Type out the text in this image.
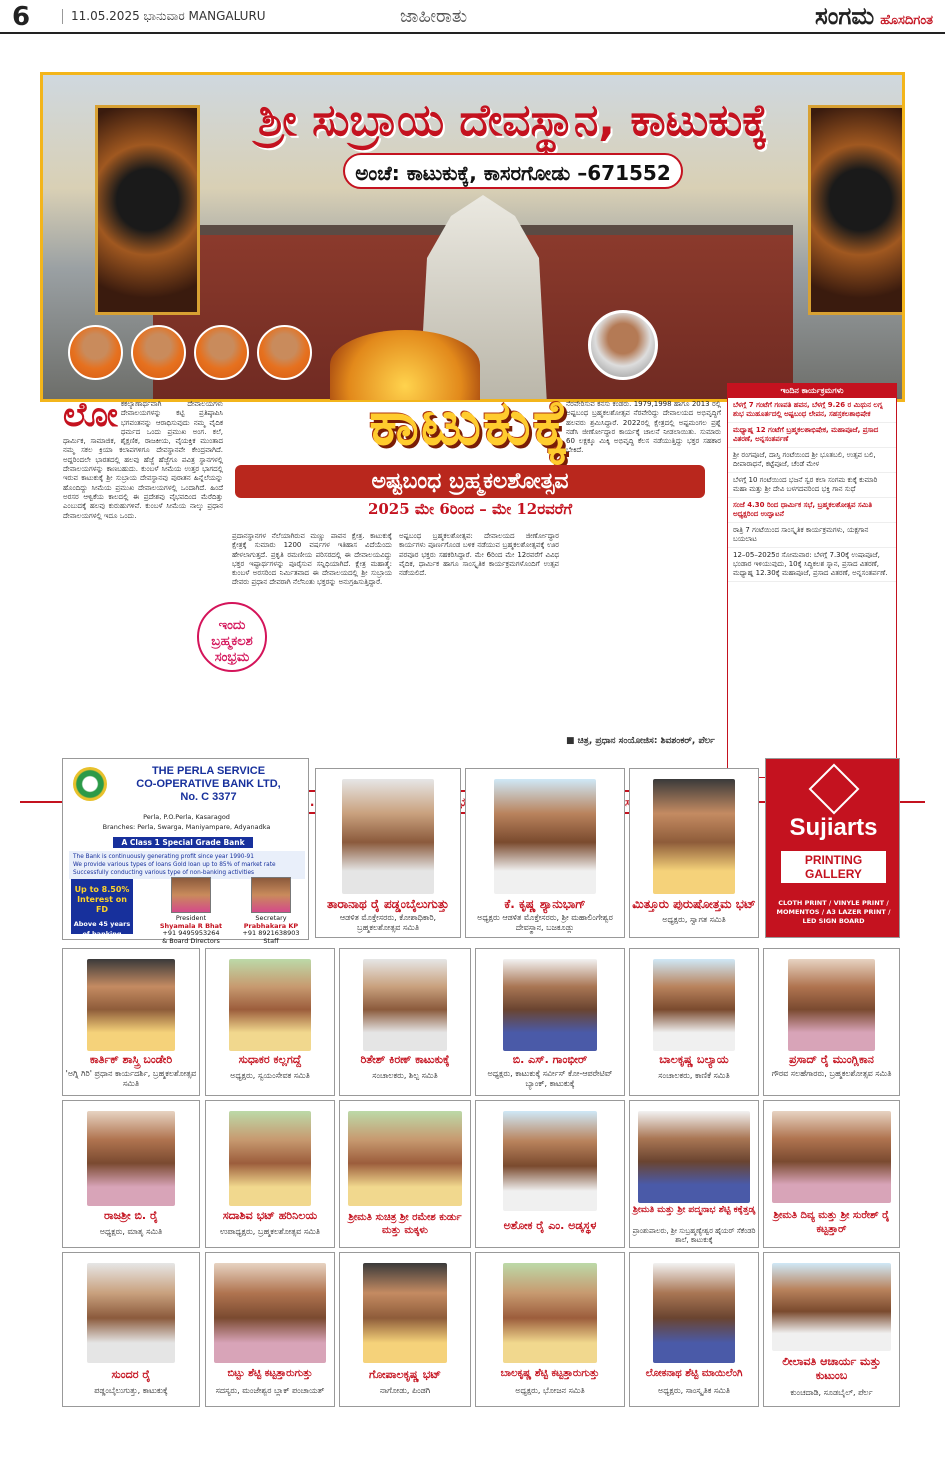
6	11.05.2025 ಭಾನುವಾರ MANGALURU	ಜಾಹೀರಾತು	ಸಂಗಮ ಹೊಸದಿಗಂತ
ಶ್ರೀ ಸುಬ್ರಾಯ ದೇವಸ್ಥಾನ, ಕಾಟುಕುಕ್ಕೆ
ಅಂಚೆ: ಕಾಟುಕುಕ್ಕೆ, ಕಾಸರಗೋಡು –671552
ಕಾಟುಕುಕ್ಕೆ
ಅಷ್ಟಬಂಧ ಬ್ರಹ್ಮಕಲಶೋತ್ಸವ
2025 ಮೇ 6ರಿಂದ – ಮೇ 12ರವರೆಗೆ
ಲೋಕಕಲ್ಯಾಣಾರ್ಥವಾಗಿ ದೇವಾಲಯಗಳು ದೇವಾಲಯಗಳನ್ನು ಕಟ್ಟಿ ಪ್ರತಿಷ್ಠಾಪಿಸಿ ಭಗವಂತನನ್ನು ಆರಾಧಿಸುವುದು ನಮ್ಮ ವೈದಿಕ ಧರ್ಮದ ಒಂದು ಪ್ರಮುಖ ಅಂಗ. ಕಲೆ, ಧಾರ್ಮಿಕ, ಸಾಮಾಜಿಕ, ಶೈಕ್ಷಣಿಕ, ರಾಜಕೀಯ, ವೈಯಕ್ತಿಕ ಮುಂತಾದ ನಮ್ಮ ಸಕಲ ಕ್ರಿಯಾ ಕಲಾಪಗಳಿಗೂ ದೇವಸ್ಥಾನವೇ ಕೇಂದ್ರವಾಗಿದೆ. ಅದ್ದರಿಂದಲೇ ಭಾರತದಲ್ಲಿ ಹಲವು ಹೆಜ್ಜೆ ಹೆಜ್ಜೆಗೂ ಪವಿತ್ರ ಸ್ಥಾನಗಳಲ್ಲಿ ದೇವಾಲಯಗಳನ್ನು ಕಾಣಬಹುದು. ಕುಂಬಳೆ ಸೀಮೆಯ ಉತ್ತರ ಭಾಗದಲ್ಲಿ ಇರುವ ಕಾಟುಕುಕ್ಕೆ ಶ್ರೀ ಸುಬ್ರಾಯ ದೇವಸ್ಥಾನವು ಪುರಾತನ ಹಿನ್ನೆಲೆಯನ್ನು ಹೊಂದಿದ್ದು ಸೀಮೆಯ ಪ್ರಮುಖ ದೇವಾಲಯಗಳಲ್ಲಿ ಒಂದಾಗಿದೆ. ಹಿಂದೆ ಅರಸರ ಆಳ್ವಿಕೆಯ ಕಾಲದಲ್ಲಿ ಈ ಪ್ರದೇಶವು ವೈಭವದಿಂದ ಮೆರೆದಿತ್ತು ಎಂಬುದಕ್ಕೆ ಹಲವು ಕುರುಹುಗಳಿವೆ. ಕುಂಬಳೆ ಸೀಮೆಯ ನಾಲ್ಕು ಪ್ರಧಾನ ದೇವಾಲಯಗಳಲ್ಲಿ ಇದೂ ಒಂದು.
ಪ್ರದಾನಸ್ಥಾನಗಳ ನೆಲೆಯಾಗಿರುವ ಮಣ್ಣು ಪಾವನ ಕ್ಷೇತ್ರ. ಕಾಟುಕುಕ್ಕೆ ಕ್ಷೇತ್ರಕ್ಕೆ ಸುಮಾರು 1200 ವರ್ಷಗಳ ಇತಿಹಾಸ ವಿದೆಯೆಂದು ಹೇಳಲಾಗುತ್ತದೆ. ಪ್ರಕೃತಿ ರಮಣೀಯ ಪರಿಸರದಲ್ಲಿ ಈ ದೇವಾಲಯವಿದ್ದು ಭಕ್ತರ ಇಷ್ಟಾರ್ಥಗಳನ್ನು ಪೂರೈಸುವ ಸನ್ನಿಧಿಯಾಗಿದೆ. ಕ್ಷೇತ್ರ ಮಹಾತ್ಮೆ: ಕುಂಬಳೆ ಅರಸರಿಂದ ನಿರ್ಮಿತವಾದ ಈ ದೇವಾಲಯದಲ್ಲಿ ಶ್ರೀ ಸುಬ್ರಾಯ ದೇವರು ಪ್ರಧಾನ ದೇವರಾಗಿ ನೆಲೆನಿಂತು ಭಕ್ತರನ್ನು ಅನುಗ್ರಹಿಸುತ್ತಿದ್ದಾರೆ.
ಅಷ್ಟಬಂಧ ಬ್ರಹ್ಮಕಲಶೋತ್ಸವ: ದೇವಾಲಯದ ಜೀರ್ಣೋದ್ಧಾರ ಕಾರ್ಯಗಳು ಪೂರ್ಣಗೊಂಡ ಬಳಿಕ ನಡೆಯುವ ಬ್ರಹ್ಮಕಲಶೋತ್ಸವಕ್ಕೆ ಊರ ಪರವೂರ ಭಕ್ತರು ಸಹಕರಿಸಿದ್ದಾರೆ. ಮೇ 6ರಿಂದ ಮೇ 12ರವರೆಗೆ ವಿವಿಧ ವೈದಿಕ, ಧಾರ್ಮಿಕ ಹಾಗೂ ಸಾಂಸ್ಕೃತಿಕ ಕಾರ್ಯಕ್ರಮಗಳೊಂದಿಗೆ ಉತ್ಸವ ನಡೆಯಲಿದೆ.
ನೆರವೇರಿಸುವ ಕನಸು ಕಂಡರು. 1979,1998 ಹಾಗೂ 2013 ರಲ್ಲಿ ಅಷ್ಟಬಂಧ ಬ್ರಹ್ಮಕಲಶೋತ್ಸವ ನೆರವೇರಿದ್ದು ದೇವಾಲಯದ ಅಭಿವೃದ್ಧಿಗೆ ಹಲವರು ಶ್ರಮಿಸಿದ್ದಾರೆ. 2022ರಲ್ಲಿ ಕ್ಷೇತ್ರದಲ್ಲಿ ಅಷ್ಟಮಂಗಲ ಪ್ರಶ್ನೆ ನಡೆಸಿ ಜೀರ್ಣೋದ್ಧಾರ ಕಾರ್ಯಕ್ಕೆ ಚಾಲನೆ ನೀಡಲಾಯಿತು. ಸುಮಾರು 60 ಲಕ್ಷಕ್ಕೂ ಮಿಕ್ಕಿ ಅಭಿವೃದ್ಧಿ ಕೆಲಸ ನಡೆಯುತ್ತಿದ್ದು ಭಕ್ತರ ಸಹಕಾರ ಬೇಕಿದೆ.
ಇಂದು ಬ್ರಹ್ಮಕಲಶ ಸಂಭ್ರಮ
■ ಚಿತ್ರ, ಪ್ರಧಾನ ಸಂಯೋಜಿಸ: ಶಿವಶಂಕರ್, ಪೆರ್ಲ
ಇಂದಿನ ಕಾರ್ಯಕ್ರಮಗಳು
ಬೆಳಗ್ಗೆ 7 ಗಂಟೆಗೆ ಗಣಪತಿ ಹವನ, ಬೆಳಗ್ಗೆ 9.26 ರ ಮಿಥುನ ಲಗ್ನ ಶುಭ ಮುಹೂರ್ತದಲ್ಲಿ ಅಷ್ಟಬಂಧ ಲೇಪನ, ಸಹಸ್ರಕಲಶಾಭಿಷೇಕ
ಮಧ್ಯಾಹ್ನ 12 ಗಂಟೆಗೆ ಬ್ರಹ್ಮಕಲಶಾಭಿಷೇಕ, ಮಹಾಪೂಜೆ, ಪ್ರಸಾದ ವಿತರಣೆ, ಅನ್ನಸಂತರ್ಪಣೆ
ಶ್ರೀ ರಂಗಪೂಜೆ, ದಾಸ್ತಿ ಗಂಟೆಯಿಂದ ಶ್ರೀ ಭೂತಬಲಿ, ಉತ್ಸವ ಬಲಿ, ದೀಪಾರಾಧನೆ, ಕಟ್ಟೆಪೂಜೆ, ಚೆಂಡೆ ಮೇಳ
ಬೆಳಗ್ಗೆ 10 ಗಂಟೆಯಿಂದ ಭಜನೆ ಸ್ವರ ಕಲಾ ಸಂಗಮ ಕುಕ್ಕೆ ಕುಮಾರಿ ಮಹಾ ಮತ್ತು ಶ್ರೀ ದೇವಿ ಬಳಗದವರಿಂದ ಭಕ್ತಿ ಗಾನ ಸುಧೆ
ಸಂಜೆ 4.30 ರಿಂದ ಧಾರ್ಮಿಕ ಸಭೆ, ಬ್ರಹ್ಮಕಲಶೋತ್ಸವ ಸಮಿತಿ ಅಧ್ಯಕ್ಷರಿಂದ ಉದ್ಘಾಟನೆ
ರಾತ್ರಿ 7 ಗಂಟೆಯಿಂದ ಸಾಂಸ್ಕೃತಿಕ ಕಾರ್ಯಕ್ರಮಗಳು, ಯಕ್ಷಗಾನ ಬಯಲಾಟ
12–05–2025ರ ಸೋಮವಾರ: ಬೆಳಗ್ಗೆ 7.30ಕ್ಕೆ ಉಷಾಪೂಜೆ, ಭಂಡಾರ ಇಳಿಯುವುದು, 10ಕ್ಕೆ ಸಿದ್ಧಿಕಲಶ ಸ್ನಾನ, ಪ್ರಸಾದ ವಿತರಣೆ, ಮಧ್ಯಾಹ್ನ 12.30ಕ್ಕೆ ಮಹಾಪೂಜೆ, ಪ್ರಸಾದ ವಿತರಣೆ, ಅನ್ನಸಂತರ್ಪಣೆ.
.............ಕಾಟುಕುಕ್ಕೆ ಸಲ್ಲಿಸುವ
THE PERLA SERVICE
CO-OPERATIVE BANK LTD,
No. C 3377
Perla, P.O.Perla, Kasaragod
Branches: Perla, Swarga, Maniyampare, Adyanadka
A Class 1 Special Grade Bank
The Bank is continuously generating profit since year 1990-91
We provide various types of loans Gold loan up to 85% of market rate
Successfully conducting various type of non-banking activities
Up to 8.50% Interest on FD
Above 45 years of banking experience
President
Shyamala R Bhat
+91 9495953264
& Board Directors
Secretary
Prabhakara KP
+91 8921638903
Staff
ತಾರಾನಾಥ ರೈ ಪಡ್ಡಂಬೈಲುಗುತ್ತು
ಆಡಳಿತ ಮೊಕ್ತೇಸರರು, ಕೋಶಾಧಿಕಾರಿ, ಬ್ರಹ್ಮಕಲಶೋತ್ಸವ ಸಮಿತಿ
ಕೆ. ಕೃಷ್ಣ ಶ್ಯಾನುಭಾಗ್
ಅಧ್ಯಕ್ಷರು ಆಡಳಿತ ಮೊಕ್ತೇಸರರು, ಶ್ರೀ ಮಹಾಲಿಂಗೇಶ್ವರ ದೇವಸ್ಥಾನ, ಬಜಕೂಡ್ಲು
ಮಿತ್ತೂರು ಪುರುಷೋತ್ತಮ ಭಟ್
ಅಧ್ಯಕ್ಷರು, ಸ್ವಾಗತ ಸಮಿತಿ
Sujiarts
PRINTING GALLERY
CLOTH PRINT / VINYLE PRINT / MOMENTOS / A3 LAZER PRINT / LED SIGN BOARD
ಕಾರ್ತಿಕ್ ಶಾಸ್ತ್ರಿ ಬಂಡೇರಿ
'ಅಗ್ನಿ ಗಿರಿ' ಪ್ರಧಾನ ಕಾರ್ಯದರ್ಶಿ, ಬ್ರಹ್ಮಕಲಶೋತ್ಸವ ಸಮಿತಿ
ಸುಧಾಕರ ಕಲ್ಲಗದ್ದೆ
ಅಧ್ಯಕ್ಷರು, ಸ್ವಯಂಸೇವಕ ಸಮಿತಿ
ರಿತೇಶ್ ಕಿರಣ್ ಕಾಟುಕುಕ್ಕೆ
ಸಂಚಾಲಕರು, ಶಿಲ್ಪ ಸಮಿತಿ
ಬಿ. ಎಸ್. ಗಾಂಭೀರ್
ಅಧ್ಯಕ್ಷರು, ಕಾಟುಕುಕ್ಕೆ ಸರ್ವೀಸ್ ಕೋ-ಆಪರೇಟಿವ್ ಬ್ಯಾಂಕ್, ಕಾಟುಕುಕ್ಕೆ
ಬಾಲಕೃಷ್ಣ ಬಲ್ಯಾಯ
ಸಂಚಾಲಕರು, ಕಾಣಿಕೆ ಸಮಿತಿ
ಪ್ರಸಾದ್ ರೈ ಮುಂಗ್ಲಿಕಾನ
ಗೌರವ ಸಲಹೆಗಾರರು, ಬ್ರಹ್ಮಕಲಶೋತ್ಸವ ಸಮಿತಿ
ರಾಜಶ್ರೀ ಬಿ. ರೈ
ಅಧ್ಯಕ್ಷರು, ಮಾತೃ ಸಮಿತಿ
ಸದಾಶಿವ ಭಟ್ ಹರಿನಿಲಯ
ಉಪಾಧ್ಯಕ್ಷರು, ಬ್ರಹ್ಮಕಲಶೋತ್ಸವ ಸಮಿತಿ
ಶ್ರೀಮತಿ ಸುಚಿತ್ರ ಶ್ರೀ ರಮೇಶ ಕುರ್ಡು ಮತ್ತು ಮಕ್ಕಳು	ಅಶೋಕ ರೈ ಎಂ. ಅಡ್ಕಸ್ಥಳ
ಶ್ರೀಮತಿ ಮತ್ತು ಶ್ರೀ ಪದ್ಮನಾಭ ಶೆಟ್ಟಿ ಕಕ್ಕೆತ್ತಡ್ಕ
ಪ್ರಾಂಶುಪಾಲರು, ಶ್ರೀ ಸುಬ್ರಹ್ಮಣ್ಯೇಶ್ವರ ಹೈಯರ್ ಸೆಕೆಂಡರಿ ಶಾಲೆ, ಕಾಟುಕುಕ್ಕೆ
ಶ್ರೀಮತಿ ದಿವ್ಯ ಮತ್ತು ಶ್ರೀ ಸುರೇಶ್ ರೈ ಕಟ್ಟತ್ತಾರ್
ಸುಂದರ ರೈ
ಪಡ್ಡಂಬೈಲುಗುತ್ತು, ಕಾಟುಕುಕ್ಕೆ
ಬಿಟ್ಟು ಶೆಟ್ಟಿ ಕಟ್ಟತ್ತಾರುಗುತ್ತು
ಸದಸ್ಯರು, ಮಂಜೇಶ್ವರ ಬ್ಲಾಕ್ ಪಂಚಾಯತ್
ಗೋಪಾಲಕೃಷ್ಣ ಭಟ್
ನಾಗೋಡು, ಪಿಂಡಗಿ
ಬಾಲಕೃಷ್ಣ ಶೆಟ್ಟಿ ಕಟ್ಟತ್ತಾರುಗುತ್ತು
ಅಧ್ಯಕ್ಷರು, ಭೋಜನ ಸಮಿತಿ
ಲೋಕನಾಥ ಶೆಟ್ಟಿ ಮಾಯಿಲೆಂಗಿ
ಅಧ್ಯಕ್ಷರು, ಸಾಂಸ್ಕೃತಿಕ ಸಮಿತಿ
ಲೀಲಾವತಿ ಆಚಾರ್ಯ ಮತ್ತು ಕುಟುಂಬ
ಕುಂಚದಾಡಿ, ಸೂಡಬೈಲ್, ಪೆರ್ಲ
